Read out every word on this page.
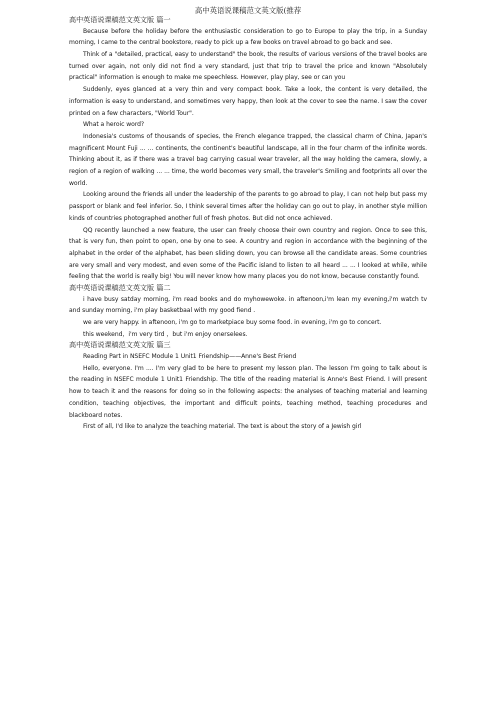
高中英语说课稿范文英文版(推荐
高中英语说课稿范文英文版 篇一

Because before the holiday before the enthusiastic consideration to go to Europe to play the trip, in a Sunday morning, I came to the central bookstore, ready to pick up a few books on travel abroad to go back and see.

Think of a "detailed, practical, easy to understand" the book, the results of various versions of the travel books are turned over again, not only did not find a very standard, just that trip to travel the price and known "Absolutely practical" information is enough to make me speechless. However, play play, see or can you

Suddenly, eyes glanced at a very thin and very compact book. Take a look, the content is very detailed, the information is easy to understand, and sometimes very happy, then look at the cover to see the name. I saw the cover printed on a few characters, "World Tour".

What a heroic word?

Indonesia's customs of thousands of species, the French elegance trapped, the classical charm of China, Japan's magnificent Mount Fuji ... ... continents, the continent's beautiful landscape, all in the four charm of the infinite words. Thinking about it, as if there was a travel bag carrying casual wear traveler, all the way holding the camera, slowly, a region of a region of walking ... ... time, the world becomes very small, the traveler's Smiling and footprints all over the world.

Looking around the friends all under the leadership of the parents to go abroad to play, I can not help but pass my passport or blank and feel inferior. So, I think several times after the holiday can go out to play, in another style million kinds of countries photographed another full of fresh photos. But did not once achieved.

QQ recently launched a new feature, the user can freely choose their own country and region. Once to see this, that is very fun, then point to open, one by one to see. A country and region in accordance with the beginning of the alphabet in the order of the alphabet, has been sliding down, you can browse all the candidate areas. Some countries are very small and very modest, and even some of the Pacific island to listen to all heard ... ... I looked at while, while feeling that the world is really big! You will never know how many places you do not know, because constantly found.

高中英语说课稿范文英文版 篇二

i have busy satday morning, i'm read books and do myhowewoke. in aftenoon,i'm lean my evening,i'm watch tv and sunday morning, i'm play basketbaal with my good fiend .

we are very happy. in aftenoon, i'm go to marketpiace buy some food. in evening, i'm go to concert.

this weekend，i'm very tird ，but i'm enjoy onerselees.

高中英语说课稿范文英文版 篇三

Reading Part in NSEFC Module 1 Unit1 Friendship——Anne's Best Friend

Hello, everyone. I'm .... I'm very glad to be here to present my lesson plan. The lesson I'm going to talk about is the reading in NSEFC module 1 Unit1 Friendship. The title of the reading material is Anne's Best Friend. I will present how to teach it and the reasons for doing so in the following aspects: the analyses of teaching material and learning condition, teaching objectives, the important and difficult points, teaching method, teaching procedures and blackboard notes.

First of all, I'd like to analyze the teaching material. The text is about the story of a Jewish girl
